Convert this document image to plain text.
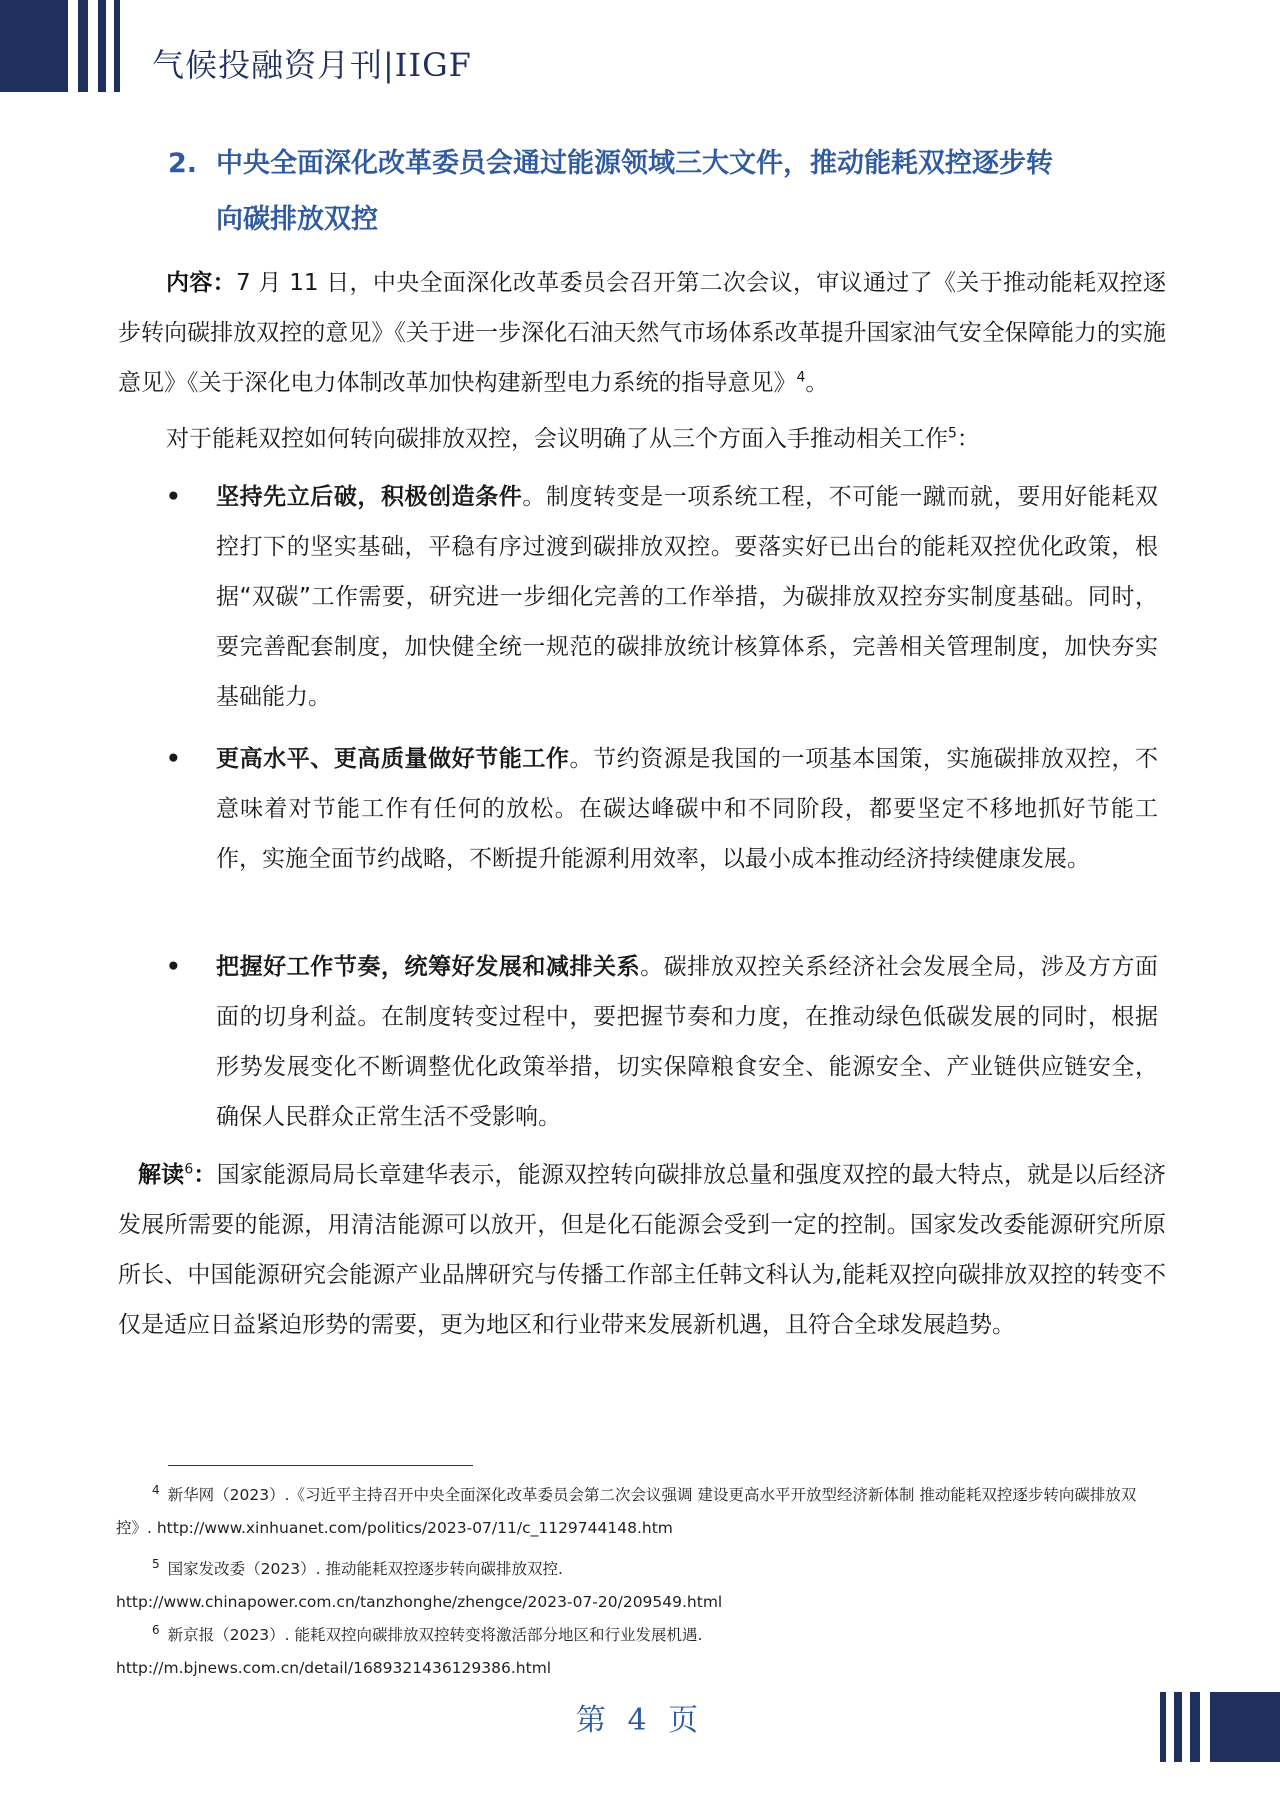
气候投融资月刊|IIGF
2. 中央全面深化改革委员会通过能源领域三大文件，推动能耗双控逐步转
向碳排放双控
内容：7 月 11 日，中央全面深化改革委员会召开第二次会议，审议通过了《关于推动能耗双控逐步转向碳排放双控的意见》《关于进一步深化石油天然气市场体系改革提升国家油气安全保障能力的实施意见》《关于深化电力体制改革加快构建新型电力系统的指导意见》$^4$。
对于能耗双控如何转向碳排放双控，会议明确了从三个方面入手推动相关工作$^5$：
• 坚持先立后破，积极创造条件。制度转变是一项系统工程，不可能一蹴而就，要用好能耗双控打下的坚实基础，平稳有序过渡到碳排放双控。要落实好已出台的能耗双控优化政策，根据“双碳”工作需要，研究进一步细化完善的工作举措，为碳排放双控夯实制度基础。同时，要完善配套制度，加快健全统一规范的碳排放统计核算体系，完善相关管理制度，加快夯实基础能力。
• 更高水平、更高质量做好节能工作。节约资源是我国的一项基本国策，实施碳排放双控，不意味着对节能工作有任何的放松。在碳达峰碳中和不同阶段，都要坚定不移地抓好节能工作，实施全面节约战略，不断提升能源利用效率，以最小成本推动经济持续健康发展。
• 把握好工作节奏，统筹好发展和减排关系。碳排放双控关系经济社会发展全局，涉及方方面面的切身利益。在制度转变过程中，要把握节奏和力度，在推动绿色低碳发展的同时，根据形势发展变化不断调整优化政策举措，切实保障粮食安全、能源安全、产业链供应链安全，确保人民群众正常生活不受影响。
解读$^6$：国家能源局局长章建华表示，能源双控转向碳排放总量和强度双控的最大特点，就是以后经济发展所需要的能源，用清洁能源可以放开，但是化石能源会受到一定的控制。国家发改委能源研究所原所长、中国能源研究会能源产业品牌研究与传播工作部主任韩文科认为,能耗双控向碳排放双控的转变不仅是适应日益紧迫形势的需要，更为地区和行业带来发展新机遇，且符合全球发展趋势。
$^4$ 新华网（2023）.《习近平主持召开中央全面深化改革委员会第二次会议强调 建设更高水平开放型经济新体制 推动能耗双控逐步转向碳排放双控》. http://www.xinhuanet.com/politics/2023-07/11/c_1129744148.htm
$^5$ 国家发改委（2023）. 推动能耗双控逐步转向碳排放双控.
http://www.chinapower.com.cn/tanzhonghe/zhengce/2023-07-20/209549.html
$^6$ 新京报（2023）. 能耗双控向碳排放双控转变将激活部分地区和行业发展机遇.
http://m.bjnews.com.cn/detail/1689321436129386.html
第 4 页
